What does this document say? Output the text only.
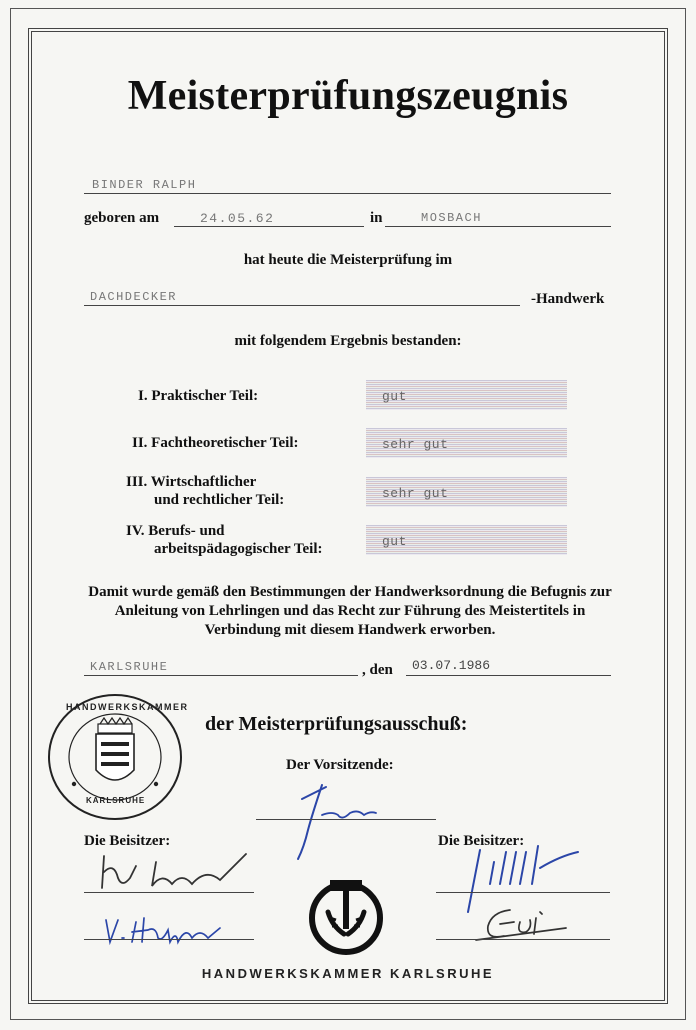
Meisterprüfungszeugnis
BINDER RALPH
geboren am	24.05.62	in	MOSBACH
hat heute die Meisterprüfung im
DACHDECKER	-Handwerk
mit folgendem Ergebnis bestanden:
I. Praktischer Teil:	gut
II. Fachtheoretischer Teil:	sehr gut
III. Wirtschaftlicher
und rechtlicher Teil:	sehr gut
IV. Berufs- und
arbeitspädagogischer Teil:	gut
Damit wurde gemäß den Bestimmungen der Handwerksordnung die Befugnis zur Anleitung von Lehrlingen und das Recht zur Führung des Meistertitels in Verbindung mit diesem Handwerk erworben.
KARLSRUHE	, den 03.07.1986
HANDWERKSKAMMER
KARLSRUHE
der Meisterprüfungsausschuß:
Der Vorsitzende:
Die Beisitzer:	Die Beisitzer:
HANDWERKSKAMMER KARLSRUHE
